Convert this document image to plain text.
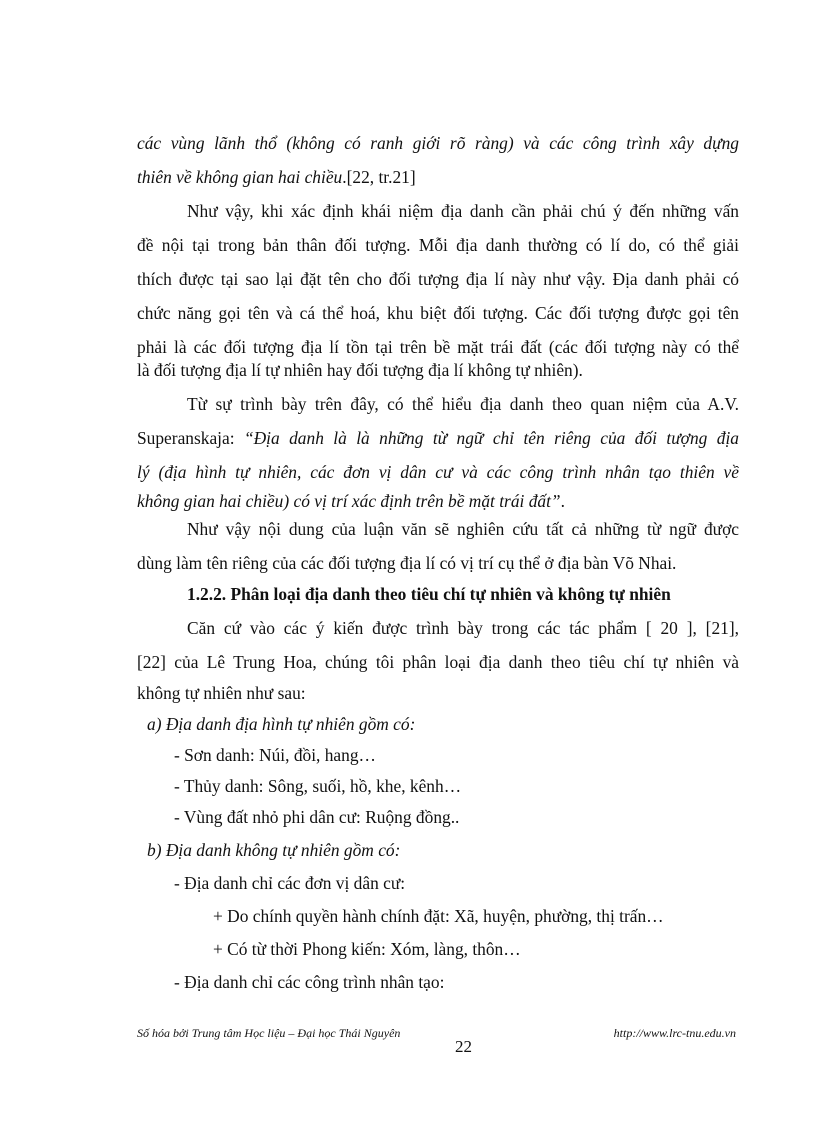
các vùng lãnh thổ (không có ranh giới rõ ràng) và các công trình xây dựng
thiên về không gian hai chiều.[22, tr.21]
Như vậy, khi xác định khái niệm địa danh cần phải chú ý đến những vấn
đề nội tại trong bản thân đối tượng. Mỗi địa danh thường có lí do, có thể giải
thích được tại sao lại đặt tên cho đối tượng địa lí này như vậy. Địa danh phải có
chức năng gọi tên và cá thể hoá, khu biệt đối tượng. Các đối tượng được gọi tên
phải là các đối tượng địa lí tồn tại trên bề mặt trái đất (các đối tượng này có thể
là đối tượng địa lí tự nhiên hay đối tượng địa lí không tự nhiên).
Từ sự trình bày trên đây, có thể hiểu địa danh theo quan niệm của A.V.
Superanskaja: “Địa danh là là những từ ngữ chỉ tên riêng của đối tượng địa
lý (địa hình tự nhiên, các đơn vị dân cư và các công trình nhân tạo thiên về
không gian hai chiều) có vị trí xác định trên bề mặt trái đất”.
Như vậy nội dung của luận văn sẽ nghiên cứu tất cả những từ ngữ được
dùng làm tên riêng của các đối tượng địa lí có vị trí cụ thể ở địa bàn Võ Nhai.
1.2.2. Phân loại địa danh theo tiêu chí tự nhiên và không tự nhiên
Căn cứ vào các ý kiến được trình bày trong các tác phẩm [ 20 ], [21],
[22] của Lê Trung Hoa, chúng tôi phân loại địa danh theo tiêu chí tự nhiên và
không tự nhiên như sau:
a) Địa danh địa hình tự nhiên gồm có:
- Sơn danh: Núi, đồi, hang…
- Thủy danh: Sông, suối, hồ, khe, kênh…
- Vùng đất nhỏ phi dân cư: Ruộng đồng..
b) Địa danh không tự nhiên gồm có:
- Địa danh chỉ các đơn vị dân cư:
+ Do chính quyền hành chính đặt: Xã, huyện, phường, thị trấn…
+ Có từ thời Phong kiến: Xóm, làng, thôn…
- Địa danh chỉ các công trình nhân tạo:
Số hóa bởi Trung tâm Học liệu – Đại học Thái Nguyên
22
http://www.lrc-tnu.edu.vn
